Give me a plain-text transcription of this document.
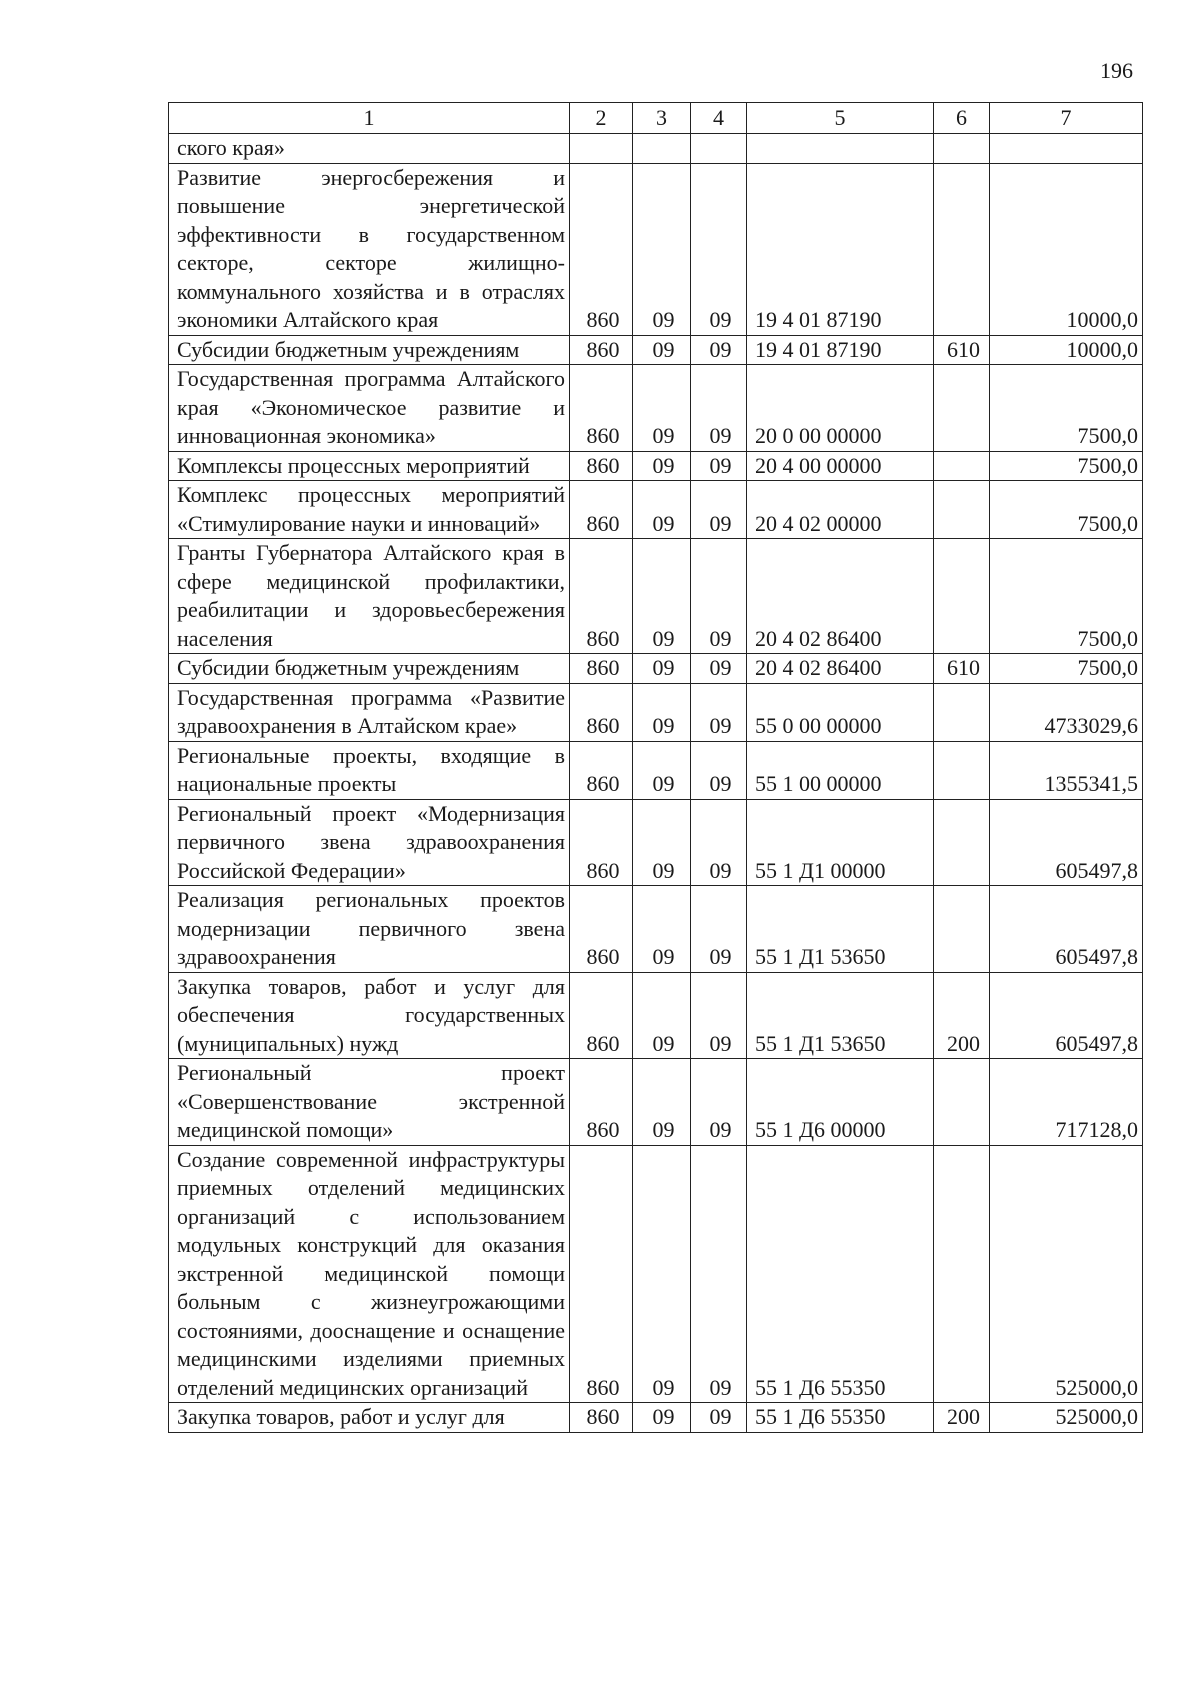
196
1	2	3	4	5	6	7
ского края»						
Развитие энергосбережения и повышение энергетической эффективности в государственном секторе, секторе жилищно-коммунального хозяйства и в отраслях экономики Алтайского края	860	09	09	19 4 01 87190		10000,0
Субсидии бюджетным учреждениям	860	09	09	19 4 01 87190	610	10000,0
Государственная программа Алтайского края «Экономическое развитие и инновационная экономика»	860	09	09	20 0 00 00000		7500,0
Комплексы процессных мероприятий	860	09	09	20 4 00 00000		7500,0
Комплекс процессных мероприятий «Стимулирование науки и инноваций»	860	09	09	20 4 02 00000		7500,0
Гранты Губернатора Алтайского края в сфере медицинской профилактики, реабилитации и здоровьесбережения населения	860	09	09	20 4 02 86400		7500,0
Субсидии бюджетным учреждениям	860	09	09	20 4 02 86400	610	7500,0
Государственная программа «Развитие здравоохранения в Алтайском крае»	860	09	09	55 0 00 00000		4733029,6
Региональные проекты, входящие в национальные проекты	860	09	09	55 1 00 00000		1355341,5
Региональный проект «Модернизация первичного звена здравоохранения Российской Федерации»	860	09	09	55 1 Д1 00000		605497,8
Реализация региональных проектов модернизации первичного звена здравоохранения	860	09	09	55 1 Д1 53650		605497,8
Закупка товаров, работ и услуг для обеспечения государственных (муниципальных) нужд	860	09	09	55 1 Д1 53650	200	605497,8
Региональный проект «Совершенствование экстренной медицинской помощи»	860	09	09	55 1 Д6 00000		717128,0
Создание современной инфраструктуры приемных отделений медицинских организаций с использованием модульных конструкций для оказания экстренной медицинской помощи больным с жизнеугрожающими состояниями, дооснащение и оснащение медицинскими изделиями приемных отделений медицинских организаций	860	09	09	55 1 Д6 55350		525000,0
Закупка товаров, работ и услуг для	860	09	09	55 1 Д6 55350	200	525000,0
